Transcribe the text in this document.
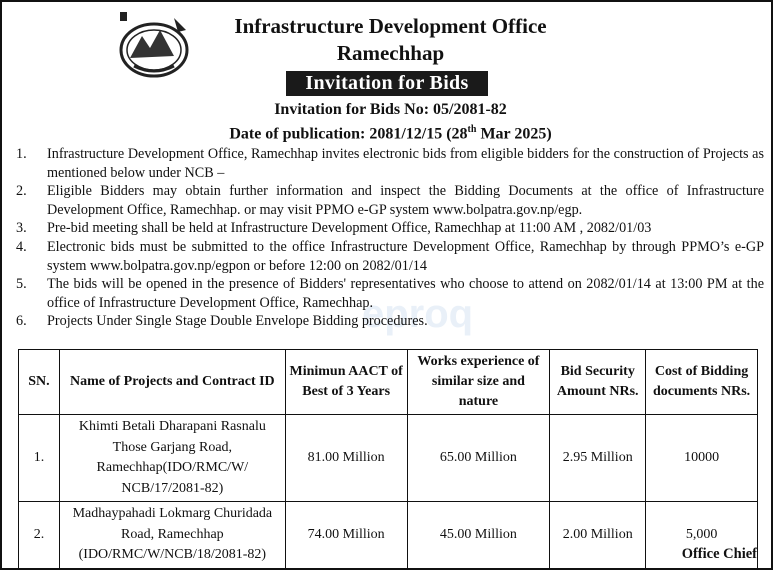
Infrastructure Development Office
Ramechhap
Invitation for Bids
Invitation for Bids No: 05/2081-82
Date of publication: 2081/12/15 (28th Mar 2025)
eproq
1.	Infrastructure Development Office, Ramechhap invites electronic bids from eligible bidders for the construction of Projects as mentioned below under NCB –
2.	Eligible Bidders may obtain further information and inspect the Bidding Documents at the office of Infrastructure Development Office, Ramechhap. or may visit PPMO e-GP system www.bolpatra.gov.np/egp.
3.	Pre-bid meeting shall be held at Infrastructure Development Office, Ramechhap at 11:00 AM , 2082/01/03
4.	Electronic bids must be submitted to the office Infrastructure Development Office, Ramechhap by through PPMO’s e-GP system www.bolpatra.gov.np/egpon or before 12:00 on 2082/01/14
5.	The bids will be opened in the presence of Bidders' representatives who choose to attend on 2082/01/14 at 13:00 PM at the office of Infrastructure Development Office, Ramechhap.
6.	Projects Under Single Stage Double Envelope Bidding procedures.
SN.	Name of Projects and Contract ID	Minimun AACT of Best of 3 Years	Works experience of similar size and nature	Bid Security Amount NRs.	Cost of Bidding documents NRs.
1.	Khimti Betali Dharapani Rasnalu Those Garjang Road, Ramechhap(IDO/RMC/W/ NCB/17/2081-82)	81.00 Million	65.00 Million	2.95 Million	10000
2.	Madhaypahadi Lokmarg Churidada Road, Ramechhap (IDO/RMC/W/NCB/18/2081-82)	74.00 Million	45.00 Million	2.00 Million	5,000
Office Chief
